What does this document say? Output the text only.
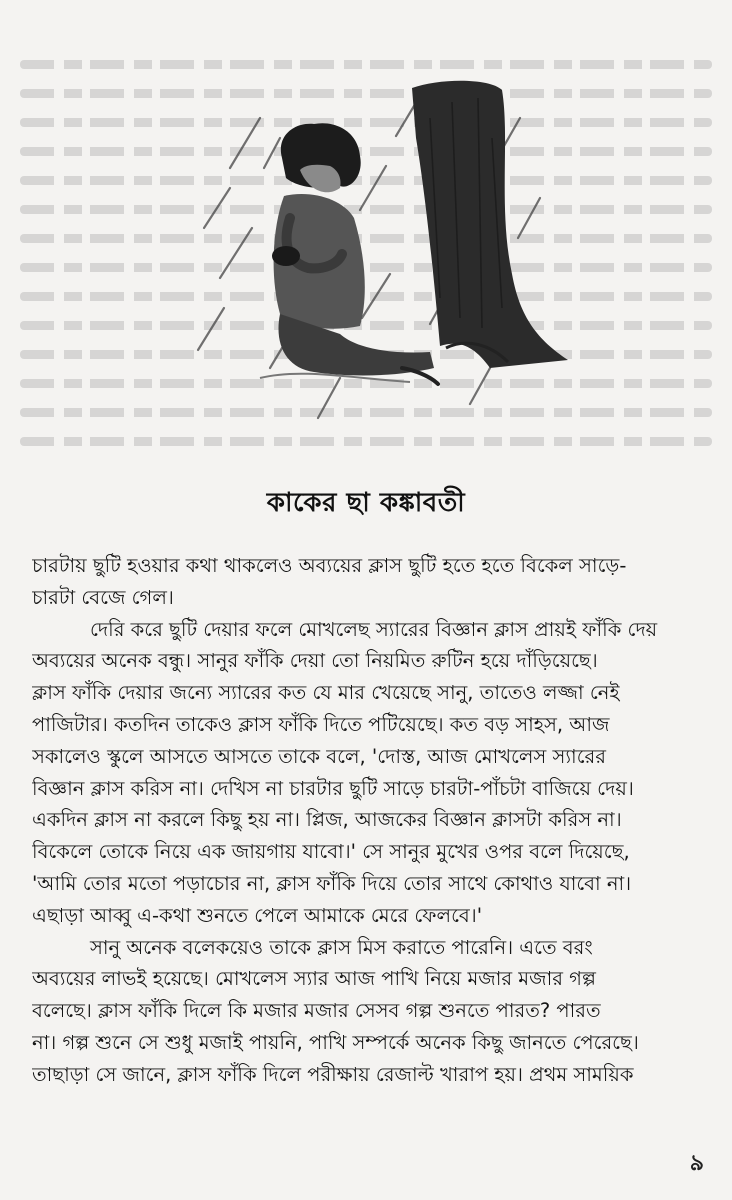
কাকের ছা কঙ্কাবতী
চারটায় ছুটি হওয়ার কথা থাকলেও অব্যয়ের ক্লাস ছুটি হতে হতে বিকেল সাড়ে-
চারটা বেজে গেল।
দেরি করে ছুটি দেয়ার ফলে মোখলেছ স্যারের বিজ্ঞান ক্লাস প্রায়ই ফাঁকি দেয়
অব্যয়ের অনেক বন্ধু। সানুর ফাঁকি দেয়া তো নিয়মিত রুটিন হয়ে দাঁড়িয়েছে।
ক্লাস ফাঁকি দেয়ার জন্যে স্যারের কত যে মার খেয়েছে সানু, তাতেও লজ্জা নেই
পাজিটার। কতদিন তাকেও ক্লাস ফাঁকি দিতে পটিয়েছে। কত বড় সাহস, আজ
সকালেও স্কুলে আসতে আসতে তাকে বলে, 'দোস্ত, আজ মোখলেস স্যারের
বিজ্ঞান ক্লাস করিস না। দেখিস না চারটার ছুটি সাড়ে চারটা-পাঁচটা বাজিয়ে দেয়।
একদিন ক্লাস না করলে কিছু হয় না। প্লিজ, আজকের বিজ্ঞান ক্লাসটা করিস না।
বিকেলে তোকে নিয়ে এক জায়গায় যাবো।' সে সানুর মুখের ওপর বলে দিয়েছে,
'আমি তোর মতো পড়াচোর না, ক্লাস ফাঁকি দিয়ে তোর সাথে কোথাও যাবো না।
এছাড়া আব্বু এ-কথা শুনতে পেলে আমাকে মেরে ফেলবে।'
সানু অনেক বলেকয়েও তাকে ক্লাস মিস করাতে পারেনি। এতে বরং
অব্যয়ের লাভই হয়েছে। মোখলেস স্যার আজ পাখি নিয়ে মজার মজার গল্প
বলেছে। ক্লাস ফাঁকি দিলে কি মজার মজার সেসব গল্প শুনতে পারত? পারত
না। গল্প শুনে সে শুধু মজাই পায়নি, পাখি সম্পর্কে অনেক কিছু জানতে পেরেছে।
তাছাড়া সে জানে, ক্লাস ফাঁকি দিলে পরীক্ষায় রেজাল্ট খারাপ হয়। প্রথম সাময়িক
৯
